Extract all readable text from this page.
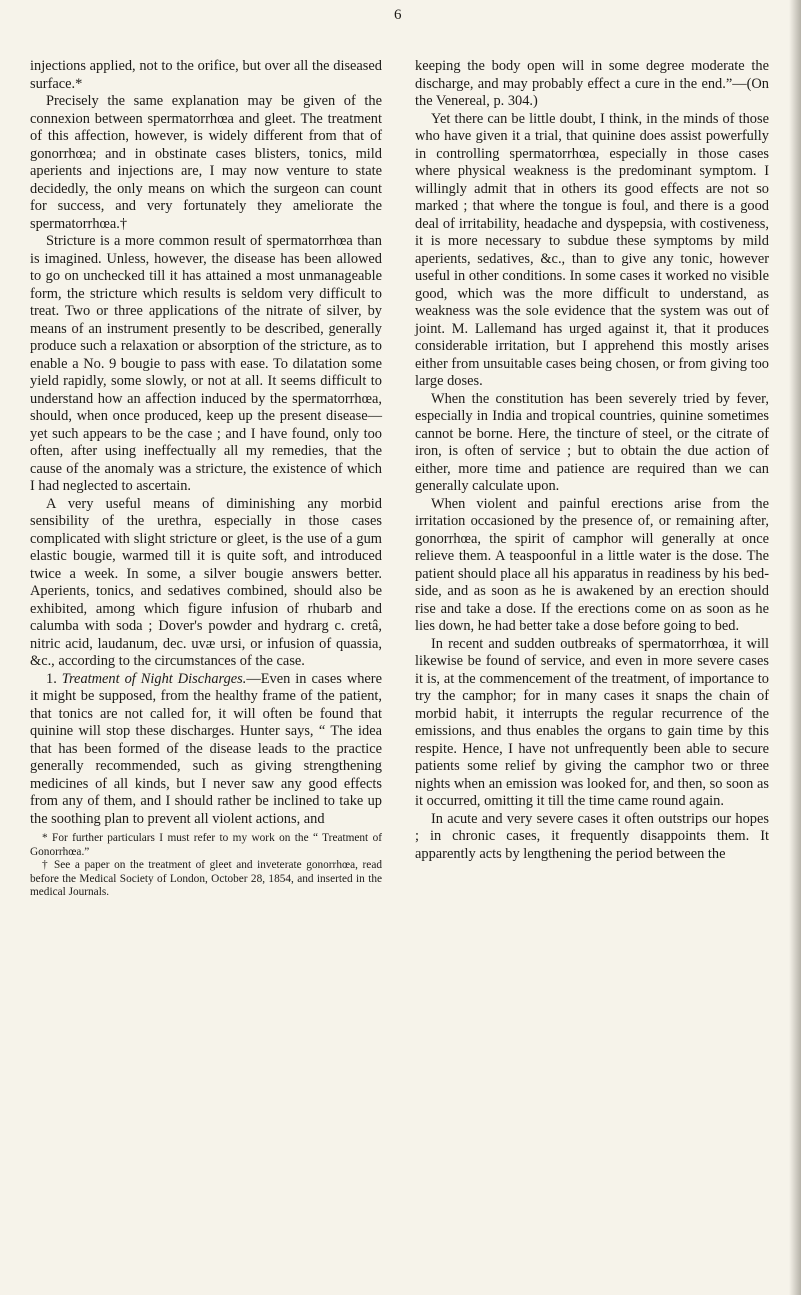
6

injections applied, not to the orifice, but over all the diseased surface.*

Precisely the same explanation may be given of the connexion between spermatorrhœa and gleet. The treatment of this affection, however, is widely different from that of gonorrhœa; and in obstinate cases blisters, tonics, mild aperients and injections are, I may now venture to state decidedly, the only means on which the surgeon can count for success, and very fortunately they ameliorate the spermatorrhœa.†

Stricture is a more common result of spermatorrhœa than is imagined. Unless, however, the disease has been allowed to go on unchecked till it has attained a most unmanageable form, the stricture which results is seldom very difficult to treat. Two or three applications of the nitrate of silver, by means of an instrument presently to be described, generally produce such a relaxation or absorption of the stricture, as to enable a No. 9 bougie to pass with ease. To dilatation some yield rapidly, some slowly, or not at all. It seems difficult to understand how an affection induced by the spermatorrhœa, should, when once produced, keep up the present disease—yet such appears to be the case ; and I have found, only too often, after using ineffectually all my remedies, that the cause of the anomaly was a stricture, the existence of which I had neglected to ascertain.

A very useful means of diminishing any morbid sensibility of the urethra, especially in those cases complicated with slight stricture or gleet, is the use of a gum elastic bougie, warmed till it is quite soft, and introduced twice a week. In some, a silver bougie answers better. Aperients, tonics, and sedatives combined, should also be exhibited, among which figure infusion of rhubarb and calumba with soda ; Dover's powder and hydrarg c. cretâ, nitric acid, laudanum, dec. uvæ ursi, or infusion of quassia, &c., according to the circumstances of the case.

1. Treatment of Night Discharges.—Even in cases where it might be supposed, from the healthy frame of the patient, that tonics are not called for, it will often be found that quinine will stop these discharges. Hunter says, “ The idea that has been formed of the disease leads to the practice generally recommended, such as giving strengthening medicines of all kinds, but I never saw any good effects from any of them, and I should rather be inclined to take up the soothing plan to prevent all violent actions, and

* For further particulars I must refer to my work on the “ Treatment of Gonorrhœa.”

† See a paper on the treatment of gleet and inveterate gonorrhœa, read before the Medical Society of London, October 28, 1854, and inserted in the medical Journals.

keeping the body open will in some degree moderate the discharge, and may probably effect a cure in the end.”—(On the Venereal, p. 304.)

Yet there can be little doubt, I think, in the minds of those who have given it a trial, that quinine does assist powerfully in controlling spermatorrhœa, especially in those cases where physical weakness is the predominant symptom. I willingly admit that in others its good effects are not so marked ; that where the tongue is foul, and there is a good deal of irritability, headache and dyspepsia, with costiveness, it is more necessary to subdue these symptoms by mild aperients, sedatives, &c., than to give any tonic, however useful in other conditions. In some cases it worked no visible good, which was the more difficult to understand, as weakness was the sole evidence that the system was out of joint. M. Lallemand has urged against it, that it produces considerable irritation, but I apprehend this mostly arises either from unsuitable cases being chosen, or from giving too large doses.

When the constitution has been severely tried by fever, especially in India and tropical countries, quinine sometimes cannot be borne. Here, the tincture of steel, or the citrate of iron, is often of service ; but to obtain the due action of either, more time and patience are required than we can generally calculate upon.

When violent and painful erections arise from the irritation occasioned by the presence of, or remaining after, gonorrhœa, the spirit of camphor will generally at once relieve them. A teaspoonful in a little water is the dose. The patient should place all his apparatus in readiness by his bed-side, and as soon as he is awakened by an erection should rise and take a dose. If the erections come on as soon as he lies down, he had better take a dose before going to bed.

In recent and sudden outbreaks of spermatorrhœa, it will likewise be found of service, and even in more severe cases it is, at the commencement of the treatment, of importance to try the camphor; for in many cases it snaps the chain of morbid habit, it interrupts the regular recurrence of the emissions, and thus enables the organs to gain time by this respite. Hence, I have not unfrequently been able to secure patients some relief by giving the camphor two or three nights when an emission was looked for, and then, so soon as it occurred, omitting it till the time came round again.

In acute and very severe cases it often outstrips our hopes ; in chronic cases, it frequently disappoints them. It apparently acts by lengthening the period between the
